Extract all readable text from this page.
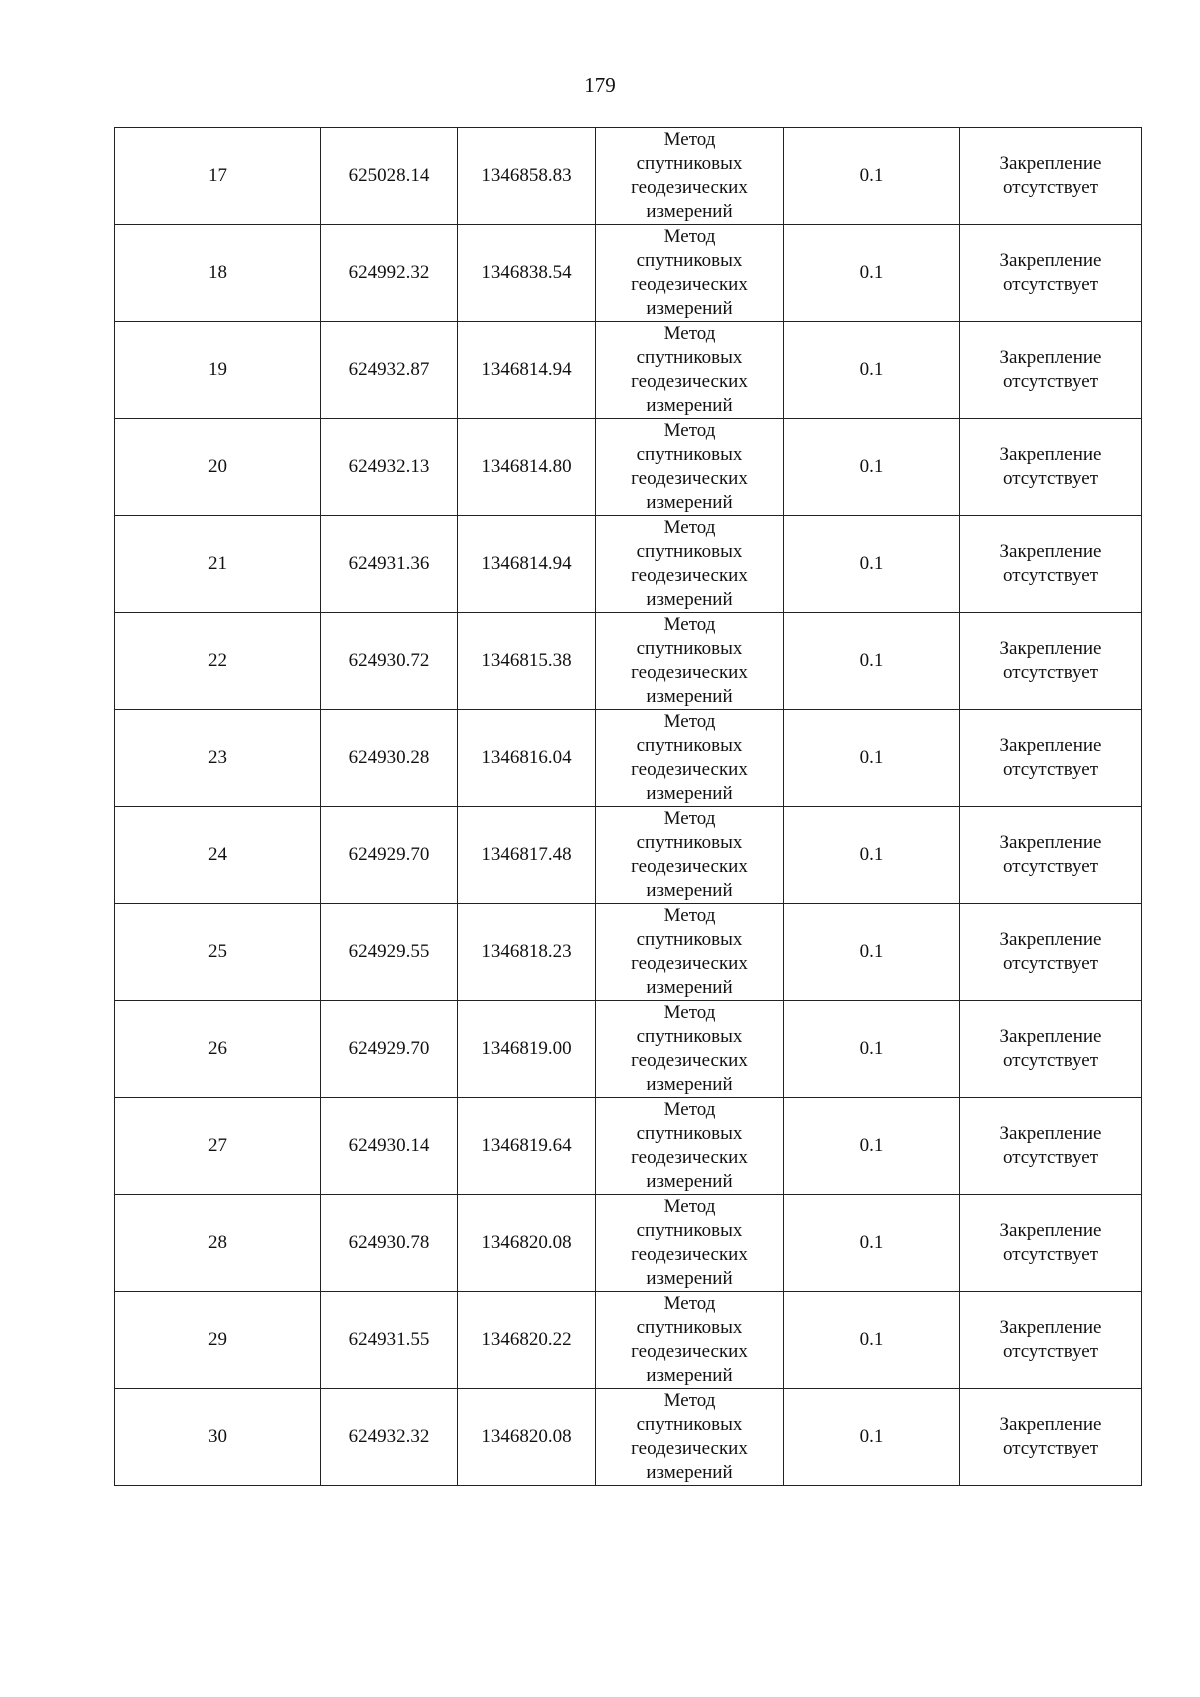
179
17	625028.14	1346858.83	Метод
спутниковых
геодезических
измерений	0.1	Закрепление
отсутствует

18	624992.32	1346838.54	Метод
спутниковых
геодезических
измерений	0.1	Закрепление
отсутствует

19	624932.87	1346814.94	Метод
спутниковых
геодезических
измерений	0.1	Закрепление
отсутствует

20	624932.13	1346814.80	Метод
спутниковых
геодезических
измерений	0.1	Закрепление
отсутствует

21	624931.36	1346814.94	Метод
спутниковых
геодезических
измерений	0.1	Закрепление
отсутствует

22	624930.72	1346815.38	Метод
спутниковых
геодезических
измерений	0.1	Закрепление
отсутствует

23	624930.28	1346816.04	Метод
спутниковых
геодезических
измерений	0.1	Закрепление
отсутствует

24	624929.70	1346817.48	Метод
спутниковых
геодезических
измерений	0.1	Закрепление
отсутствует

25	624929.55	1346818.23	Метод
спутниковых
геодезических
измерений	0.1	Закрепление
отсутствует

26	624929.70	1346819.00	Метод
спутниковых
геодезических
измерений	0.1	Закрепление
отсутствует

27	624930.14	1346819.64	Метод
спутниковых
геодезических
измерений	0.1	Закрепление
отсутствует

28	624930.78	1346820.08	Метод
спутниковых
геодезических
измерений	0.1	Закрепление
отсутствует

29	624931.55	1346820.22	Метод
спутниковых
геодезических
измерений	0.1	Закрепление
отсутствует

30	624932.32	1346820.08	Метод
спутниковых
геодезических
измерений	0.1	Закрепление
отсутствует
